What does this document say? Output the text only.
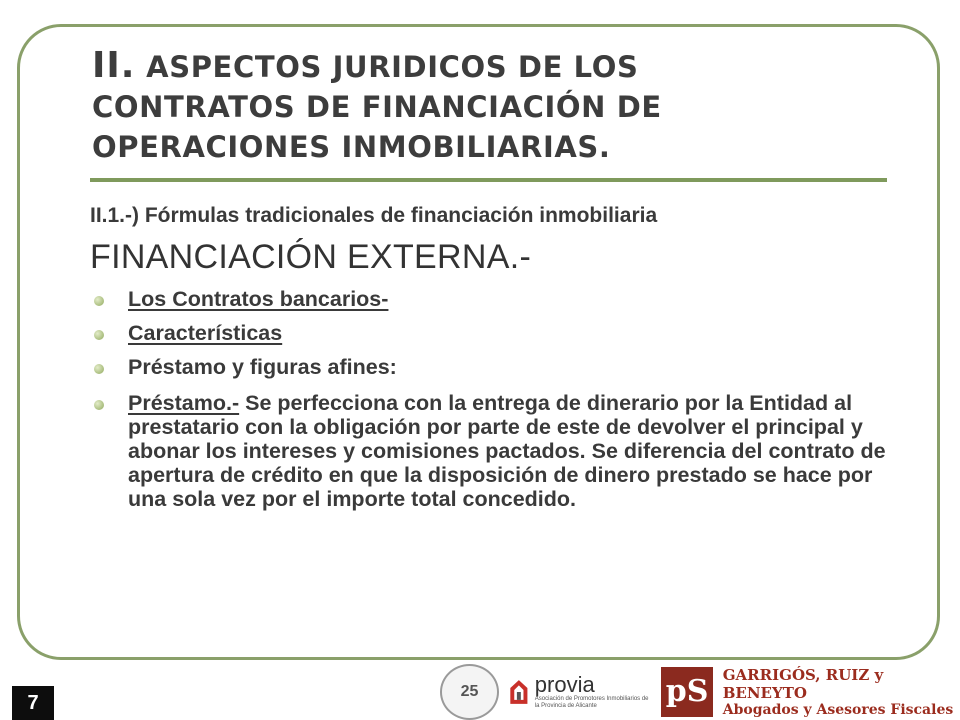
II. ASPECTOS JURIDICOS DE LOS
CONTRATOS DE FINANCIACIÓN DE
OPERACIONES INMOBILIARIAS.
II.1.-) Fórmulas tradicionales de financiación inmobiliaria
FINANCIACIÓN EXTERNA.-
Los Contratos bancarios-
Características
Préstamo y figuras afines:
Préstamo.- Se perfecciona con la entrega de dinerario por la Entidad al prestatario con la obligación por parte de este de devolver el principal y abonar los intereses y comisiones pactados. Se diferencia del contrato de apertura de crédito en que la disposición de dinero prestado se hace por una sola vez por el importe total concedido.
7
25	provia
Asociación de Promotores Inmobiliarios de la Provincia de Alicante	pS GARRIGÓS, RUIZ y BENEYTO
Abogados y Asesores Fiscales
